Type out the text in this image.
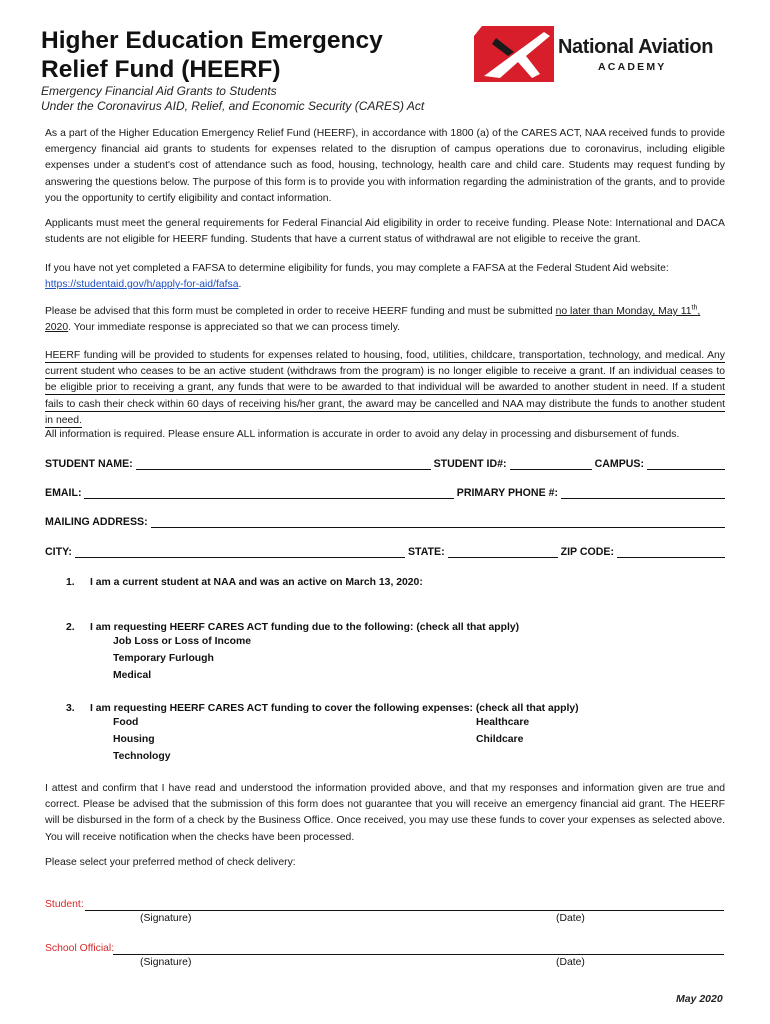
Higher Education Emergency
Relief Fund (HEERF)
National Aviation
ACADEMY
Emergency Financial Aid Grants to Students
Under the Coronavirus AID, Relief, and Economic Security (CARES) Act

As a part of the Higher Education Emergency Relief Fund (HEERF), in accordance with 1800 (a) of the CARES ACT, NAA received funds to provide emergency financial aid grants to students for expenses related to the disruption of campus operations due to coronavirus, including eligible expenses under a student's cost of attendance such as food, housing, technology, health care and child care. Students may request funding by answering the questions below. The purpose of this form is to provide you with information regarding the administration of the grants, and to provide you the opportunity to certify eligibility and contact information.

Applicants must meet the general requirements for Federal Financial Aid eligibility in order to receive funding. Please Note: International and DACA students are not eligible for HEERF funding. Students that have a current status of withdrawal are not eligible to receive the grant.

If you have not yet completed a FAFSA to determine eligibility for funds, you may complete a FAFSA at the Federal Student Aid website:
https://studentaid.gov/h/apply-for-aid/fafsa.

Please be advised that this form must be completed in order to receive HEERF funding and must be submitted no later than Monday, May 11th,
2020. Your immediate response is appreciated so that we can process timely.

HEERF funding will be provided to students for expenses related to housing, food, utilities, childcare, transportation, technology, and medical. Any current student who ceases to be an active student (withdraws from the program) is no longer eligible to receive a grant. If an individual ceases to be eligible prior to receiving a grant, any funds that were to be awarded to that individual will be awarded to another student in need. If a student fails to cash their check within 60 days of receiving his/her grant, the award may be cancelled and NAA may distribute the funds to another student in need.

All information is required. Please ensure ALL information is accurate in order to avoid any delay in processing and disbursement of funds.

STUDENT NAME:	STUDENT ID#:	CAMPUS:
EMAIL:	PRIMARY PHONE #:
MAILING ADDRESS:
CITY:	STATE:	ZIP CODE:
1. I am a current student at NAA and was an active on March 13, 2020:
2. I am requesting HEERF CARES ACT funding due to the following: (check all that apply)
Job Loss or Loss of Income
Temporary Furlough
Medical
3. I am requesting HEERF CARES ACT funding to cover the following expenses: (check all that apply)
Food
Housing
Technology
Healthcare
Childcare

I attest and confirm that I have read and understood the information provided above, and that my responses and information given are true and correct. Please be advised that the submission of this form does not guarantee that you will receive an emergency financial aid grant. The HEERF will be disbursed in the form of a check by the Business Office. Once received, you may use these funds to cover your expenses as selected above. You will receive notification when the checks have been processed.

Please select your preferred method of check delivery:

Student:
(Signature)	(Date)
School Official:
(Signature)	(Date)
May 2020
